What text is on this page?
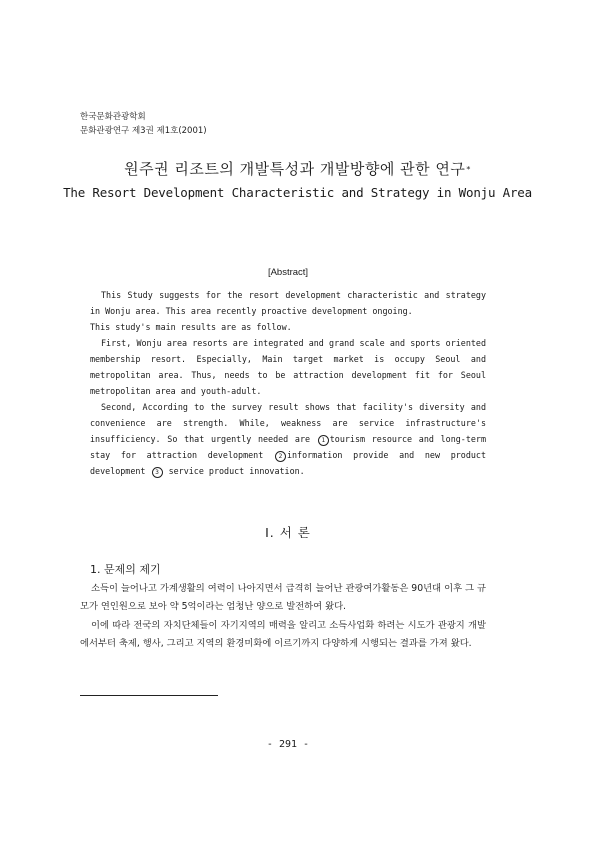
한국문화관광학회
문화관광연구 제3권 제1호(2001)
원주권 리조트의 개발특성과 개발방향에 관한 연구*
The Resort Development Characteristic and Strategy in Wonju Area
[Abstract]

This Study suggests for the resort development characteristic and strategy in Wonju area. This area recently proactive development ongoing.

This study's main results are as follow.

First, Wonju area resorts are integrated and grand scale and sports oriented membership resort. Especially, Main target market is occupy Seoul and metropolitan area. Thus, needs to be attraction development fit for Seoul metropolitan area and youth-adult.

Second, According to the survey result shows that facility's diversity and convenience are strength. While, weakness are service infrastructure's insufficiency. So that urgently needed are 1 tourism resource and long-term stay for attraction development 2 information provide and new product development 3 service product innovation.

Ⅰ. 서 론
1. 문제의 제기

소득이 늘어나고 가계생활의 여력이 나아지면서 급격히 늘어난 관광여가활동은 90년대 이후 그 규모가 연인원으로 보아 약 5억이라는 엄청난 양으로 발전하여 왔다.

이에 따라 전국의 자치단체들이 자기지역의 매력을 알리고 소득사업화 하려는 시도가 관광지 개발에서부터 축제, 행사, 그리고 지역의 환경미화에 이르기까지 다양하게 시행되는 결과를 가져 왔다.

- 291 -
